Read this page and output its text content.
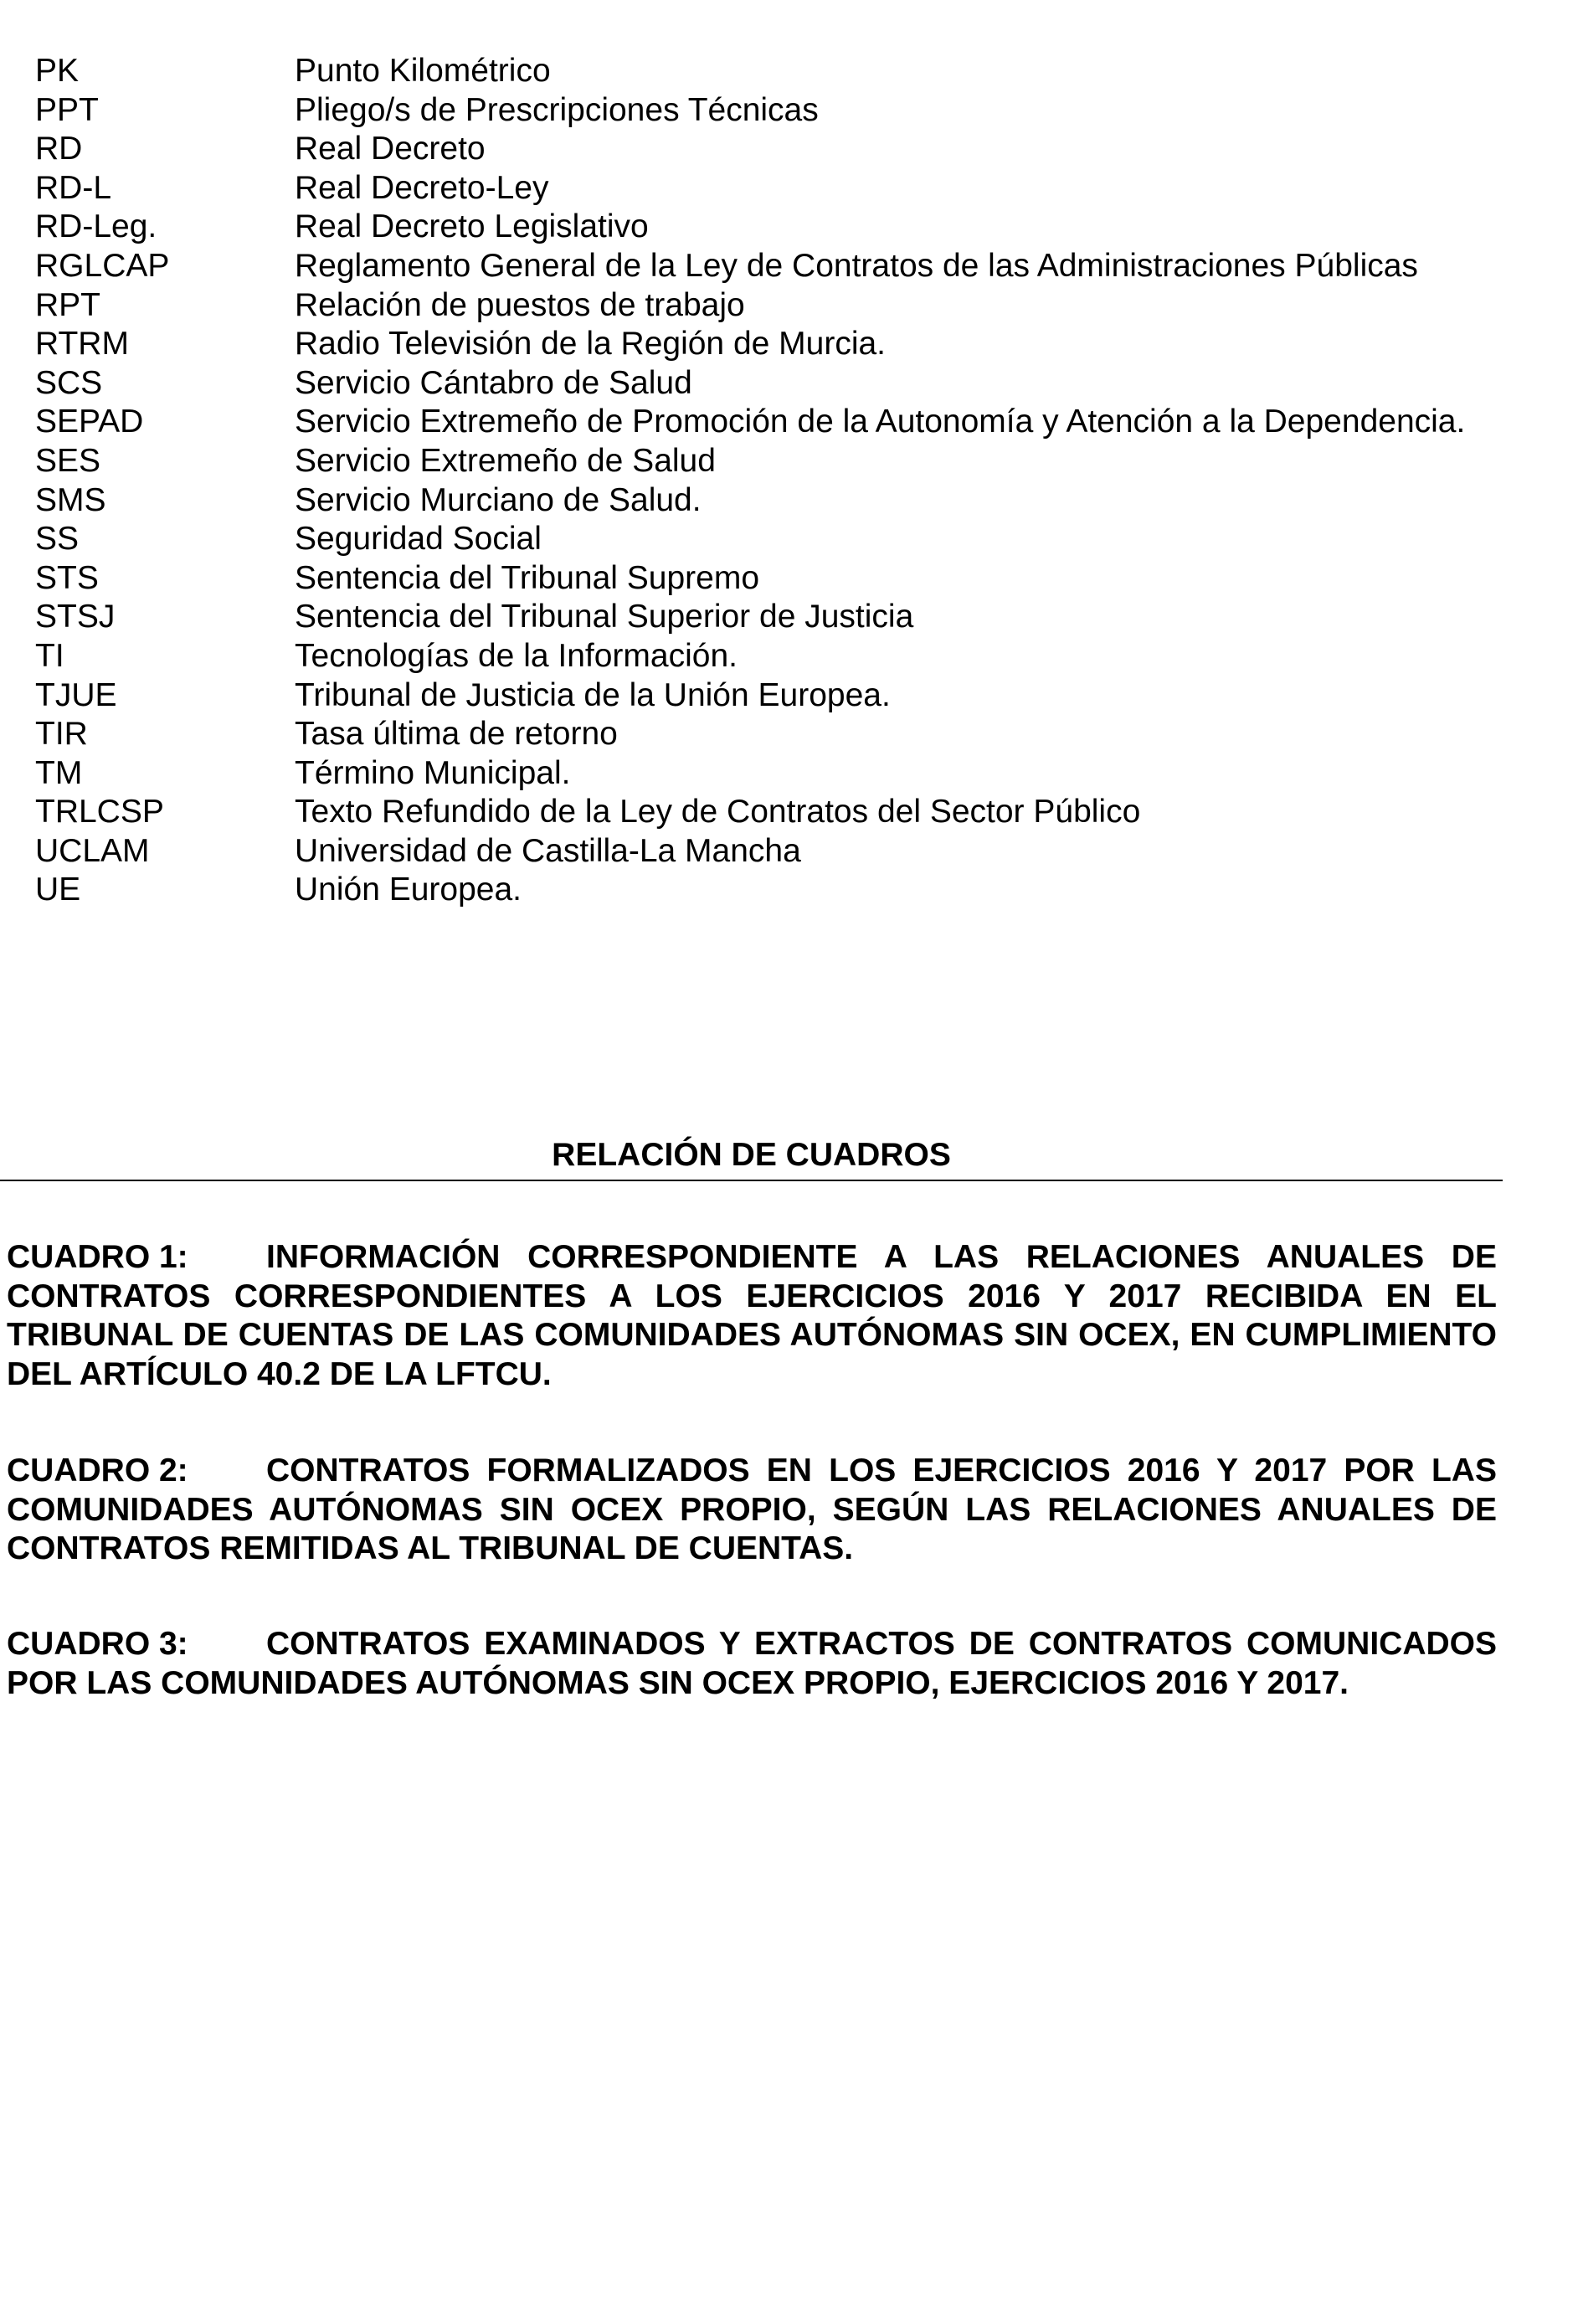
PK	Punto Kilométrico
PPT	Pliego/s de Prescripciones Técnicas
RD	Real Decreto
RD-L	Real Decreto-Ley
RD-Leg.	Real Decreto Legislativo
RGLCAP	Reglamento General de la Ley de Contratos de las Administraciones Públicas
RPT	Relación de puestos de trabajo
RTRM	Radio Televisión de la Región de Murcia.
SCS	Servicio Cántabro de Salud
SEPAD	Servicio Extremeño de Promoción de la Autonomía y Atención a la Dependencia.
SES	Servicio Extremeño de Salud
SMS	Servicio Murciano de Salud.
SS	Seguridad Social
STS	Sentencia del Tribunal Supremo
STSJ	Sentencia del Tribunal Superior de Justicia
TI	Tecnologías de la Información.
TJUE	Tribunal de Justicia de la Unión Europea.
TIR	Tasa última de retorno
TM	Término Municipal.
TRLCSP	Texto Refundido de la Ley de Contratos del Sector Público
UCLAM	Universidad de Castilla-La Mancha
UE	Unión Europea.
RELACIÓN DE CUADROS
CUADRO 1: INFORMACIÓN CORRESPONDIENTE A LAS RELACIONES ANUALES DE CONTRATOS CORRESPONDIENTES A LOS EJERCICIOS 2016 Y 2017 RECIBIDA EN EL TRIBUNAL DE CUENTAS DE LAS COMUNIDADES AUTÓNOMAS SIN OCEX, EN CUMPLIMIENTO DEL ARTÍCULO 40.2 DE LA LFTCU.
CUADRO 2: CONTRATOS FORMALIZADOS EN LOS EJERCICIOS 2016 Y 2017 POR LAS COMUNIDADES AUTÓNOMAS SIN OCEX PROPIO, SEGÚN LAS RELACIONES ANUALES DE CONTRATOS REMITIDAS AL TRIBUNAL DE CUENTAS.
CUADRO 3: CONTRATOS EXAMINADOS Y EXTRACTOS DE CONTRATOS COMUNICADOS POR LAS COMUNIDADES AUTÓNOMAS SIN OCEX PROPIO, EJERCICIOS 2016 Y 2017.
